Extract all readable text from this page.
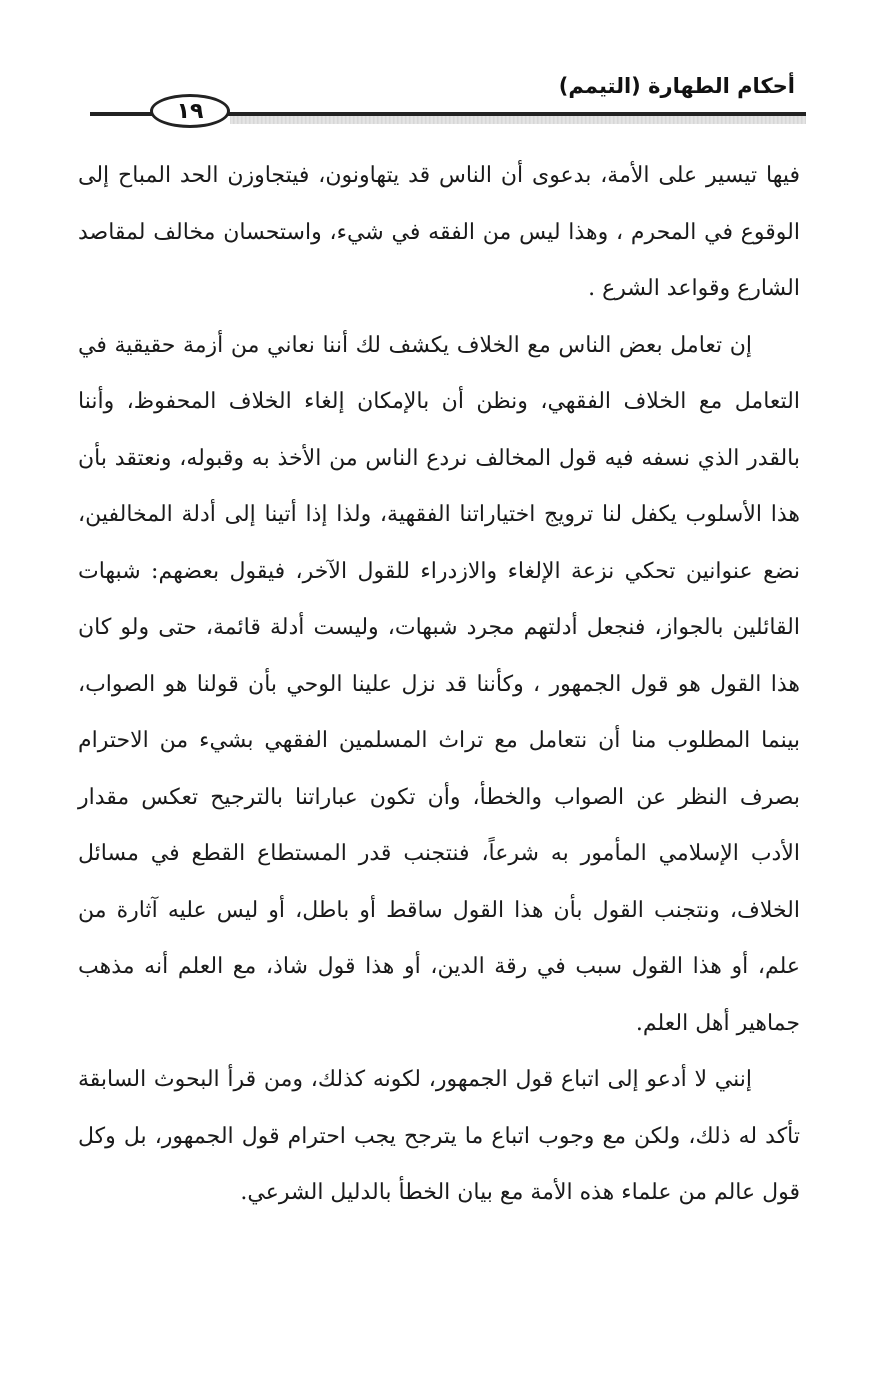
أحكام الطهارة (التيمم)
١٩

فيها تيسير على الأمة، بدعوى أن الناس قد يتهاونون، فيتجاوزن الحد المباح إلى الوقوع في المحرم ، وهذا ليس من الفقه في شيء، واستحسان مخالف لمقاصد الشارع وقواعد الشرع .

إن تعامل بعض الناس مع الخلاف يكشف لك أننا نعاني من أزمة حقيقية في التعامل مع الخلاف الفقهي، ونظن أن بالإمكان إلغاء الخلاف المحفوظ، وأننا بالقدر الذي نسفه فيه قول المخالف نردع الناس من الأخذ به وقبوله، ونعتقد بأن هذا الأسلوب يكفل لنا ترويج اختياراتنا الفقهية، ولذا إذا أتينا إلى أدلة المخالفين، نضع عنوانين تحكي نزعة الإلغاء والازدراء للقول الآخر، فيقول بعضهم: شبهات القائلين بالجواز، فنجعل أدلتهم مجرد شبهات، وليست أدلة قائمة، حتى ولو كان هذا القول هو قول الجمهور ، وكأننا قد نزل علينا الوحي بأن قولنا هو الصواب، بينما المطلوب منا أن نتعامل مع تراث المسلمين الفقهي بشيء من الاحترام بصرف النظر عن الصواب والخطأ، وأن تكون عباراتنا بالترجيح تعكس مقدار الأدب الإسلامي المأمور به شرعاً، فنتجنب قدر المستطاع القطع في مسائل الخلاف، ونتجنب القول بأن هذا القول ساقط أو باطل، أو ليس عليه آثارة من علم، أو هذا القول سبب في رقة الدين، أو هذا قول شاذ، مع العلم أنه مذهب جماهير أهل العلم.

إنني لا أدعو إلى اتباع قول الجمهور، لكونه كذلك، ومن قرأ البحوث السابقة تأكد له ذلك، ولكن مع وجوب اتباع ما يترجح يجب احترام قول الجمهور، بل وكل قول عالم من علماء هذه الأمة مع بيان الخطأ بالدليل الشرعي.
